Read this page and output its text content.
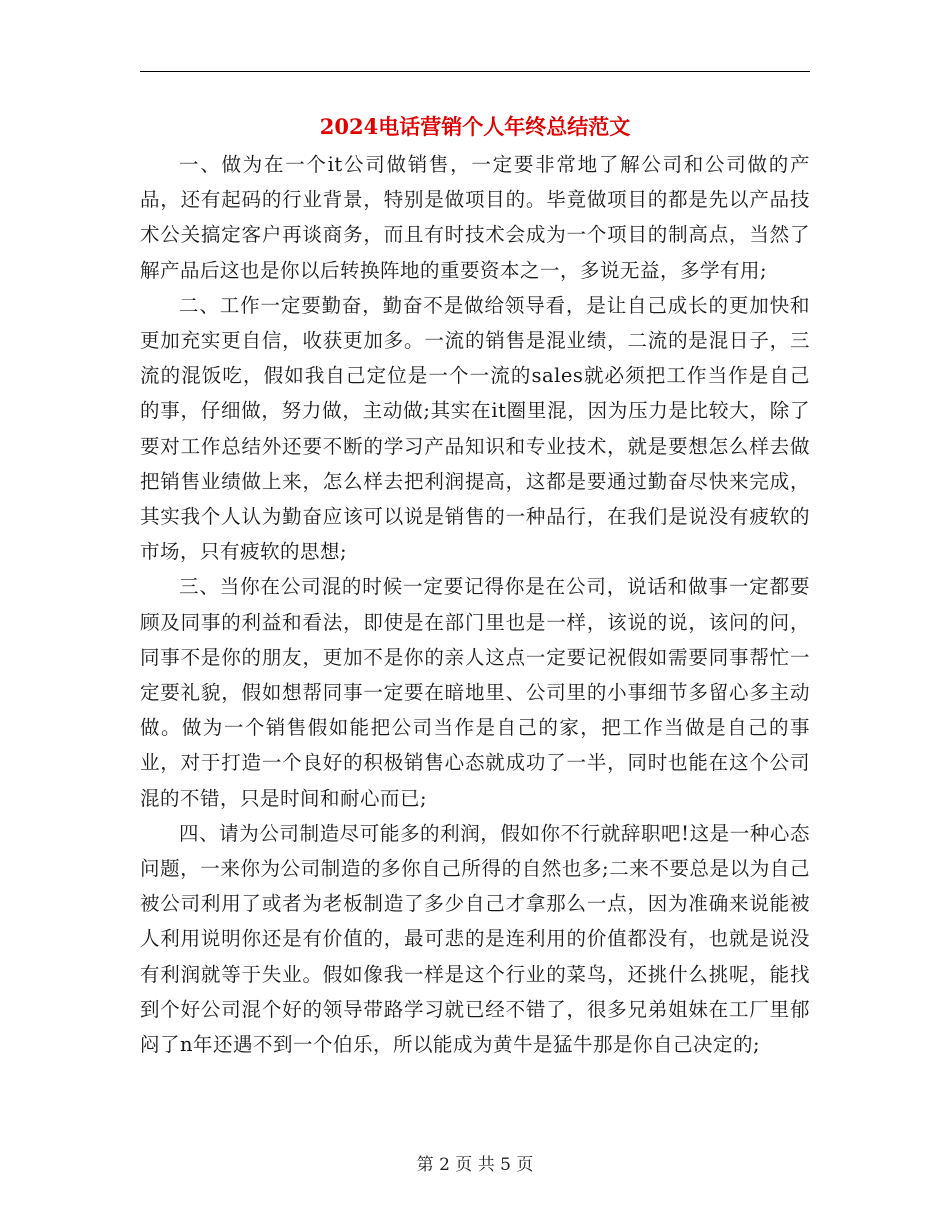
2024电话营销个人年终总结范文

一、做为在一个it公司做销售，一定要非常地了解公司和公司做的产品，还有起码的行业背景，特别是做项目的。毕竟做项目的都是先以产品技术公关搞定客户再谈商务，而且有时技术会成为一个项目的制高点，当然了解产品后这也是你以后转换阵地的重要资本之一，多说无益，多学有用;

二、工作一定要勤奋，勤奋不是做给领导看，是让自己成长的更加快和更加充实更自信，收获更加多。一流的销售是混业绩，二流的是混日子，三流的混饭吃，假如我自己定位是一个一流的sales就必须把工作当作是自己的事，仔细做，努力做，主动做;其实在it圈里混，因为压力是比较大，除了要对工作总结外还要不断的学习产品知识和专业技术，就是要想怎么样去做把销售业绩做上来，怎么样去把利润提高，这都是要通过勤奋尽快来完成，其实我个人认为勤奋应该可以说是销售的一种品行，在我们是说没有疲软的市场，只有疲软的思想;

三、当你在公司混的时候一定要记得你是在公司，说话和做事一定都要顾及同事的利益和看法，即使是在部门里也是一样，该说的说，该问的问，同事不是你的朋友，更加不是你的亲人这点一定要记祝假如需要同事帮忙一定要礼貌，假如想帮同事一定要在暗地里、公司里的小事细节多留心多主动做。做为一个销售假如能把公司当作是自己的家，把工作当做是自己的事业，对于打造一个良好的积极销售心态就成功了一半，同时也能在这个公司混的不错，只是时间和耐心而已;

四、请为公司制造尽可能多的利润，假如你不行就辞职吧!这是一种心态问题，一来你为公司制造的多你自己所得的自然也多;二来不要总是以为自己被公司利用了或者为老板制造了多少自己才拿那么一点，因为准确来说能被人利用说明你还是有价值的，最可悲的是连利用的价值都没有，也就是说没有利润就等于失业。假如像我一样是这个行业的菜鸟，还挑什么挑呢，能找到个好公司混个好的领导带路学习就已经不错了，很多兄弟姐妹在工厂里郁闷了n年还遇不到一个伯乐，所以能成为黄牛是猛牛那是你自己决定的;

第 2 页 共 5 页
